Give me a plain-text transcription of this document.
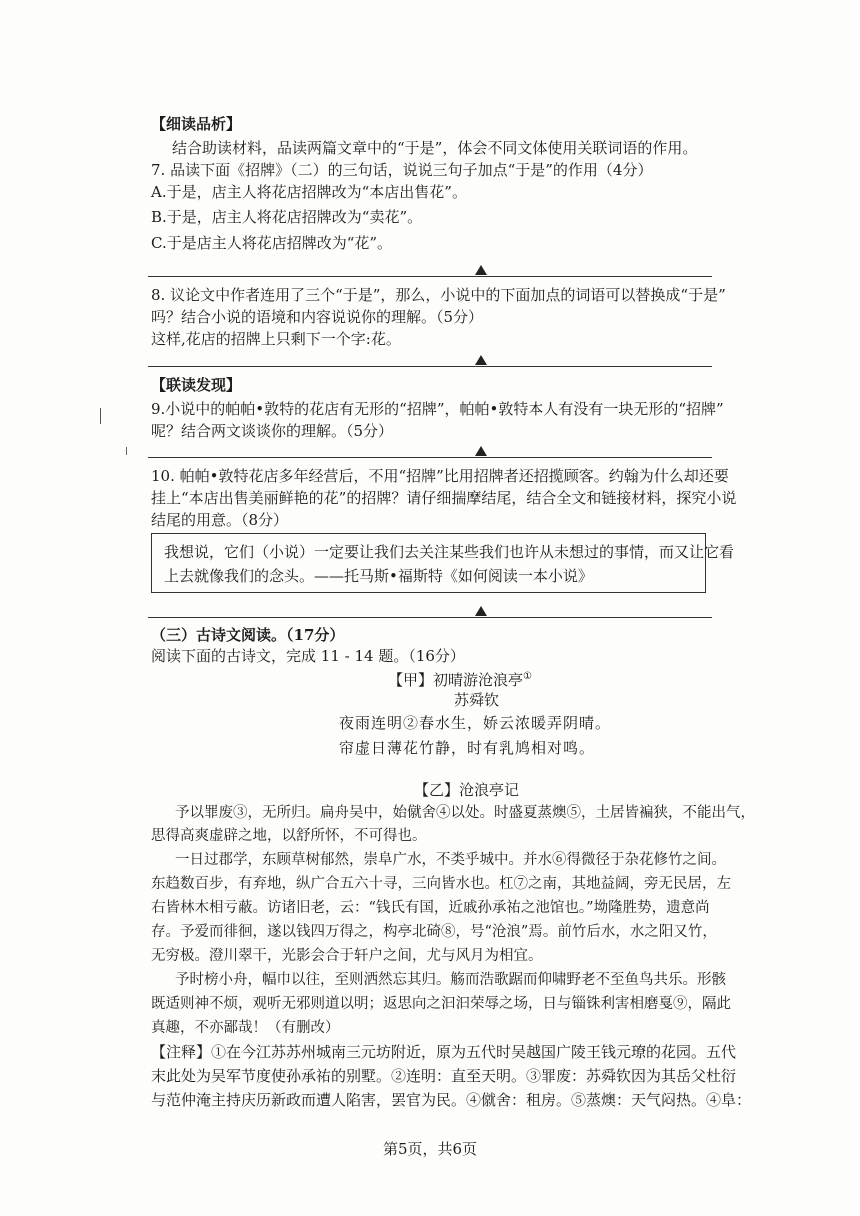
【细读品析】
结合助读材料，品读两篇文章中的“于是”，体会不同文体使用关联词语的作用。
7. 品读下面《招牌》（二）的三句话，说说三句子加点“于是”的作用（4分）
A.于是，店主人将花店招牌改为“本店出售花”。
B.于是，店主人将花店招牌改为“卖花”。
C.于是店主人将花店招牌改为“花”。
8. 议论文中作者连用了三个“于是”，那么，小说中的下面加点的词语可以替换成“于是”
吗？结合小说的语境和内容说说你的理解。（5分）
这样,花店的招牌上只剩下一个字:花。
【联读发现】
9.小说中的帕帕•敦特的花店有无形的“招牌”，帕帕•敦特本人有没有一块无形的“招牌”
呢？结合两文谈谈你的理解。（5分）
10. 帕帕•敦特花店多年经营后，不用“招牌”比用招牌者还招揽顾客。约翰为什么却还要
挂上“本店出售美丽鲜艳的花”的招牌？请仔细揣摩结尾，结合全文和链接材料，探究小说
结尾的用意。（8分）
我想说，它们（小说）一定要让我们去关注某些我们也许从未想过的事情，而又让它看
上去就像我们的念头。——托马斯•福斯特《如何阅读一本小说》
（三）古诗文阅读。（17分）
阅读下面的古诗文，完成 11 - 14 题。（16分）
【甲】初晴游沧浪亭①
苏舜钦
夜雨连明②春水生，娇云浓暖弄阴晴。
帘虚日薄花竹静，时有乳鸠相对鸣。
【乙】沧浪亭记
予以罪废③，无所归。扁舟吴中，始僦舍④以处。时盛夏蒸燠⑤，土居皆褊狭，不能出气，
思得高爽虚辟之地，以舒所怀，不可得也。
一日过郡学，东顾草树郁然，崇阜广水，不类乎城中。并水⑥得微径于杂花修竹之间。
东趋数百步，有弃地，纵广合五六十寻，三向皆水也。杠⑦之南，其地益阔，旁无民居，左
右皆林木相亏蔽。访诸旧老，云：“钱氏有国，近戚孙承祐之池馆也。”坳隆胜势，遗意尚
存。予爱而徘徊，遂以钱四万得之，构亭北碕⑧，号“沧浪”焉。前竹后水，水之阳又竹，
无穷极。澄川翠干，光影会合于轩户之间，尤与风月为相宜。
予时榜小舟，幅巾以往，至则洒然忘其归。觞而浩歌踞而仰啸野老不至鱼鸟共乐。形骸
既适则神不烦，观听无邪则道以明；返思向之汩汩荣辱之场，日与锱铢利害相磨戛⑨，隔此
真趣，不亦鄙哉！（有删改）
【注释】①在今江苏苏州城南三元坊附近，原为五代时吴越国广陵王钱元璙的花园。五代
末此处为吴军节度使孙承祐的别墅。②连明：直至天明。③罪废：苏舜钦因为其岳父杜衍
与范仲淹主持庆历新政而遭人陷害，罢官为民。④僦舍：租房。⑤蒸燠：天气闷热。④阜：
第5页，共6页
